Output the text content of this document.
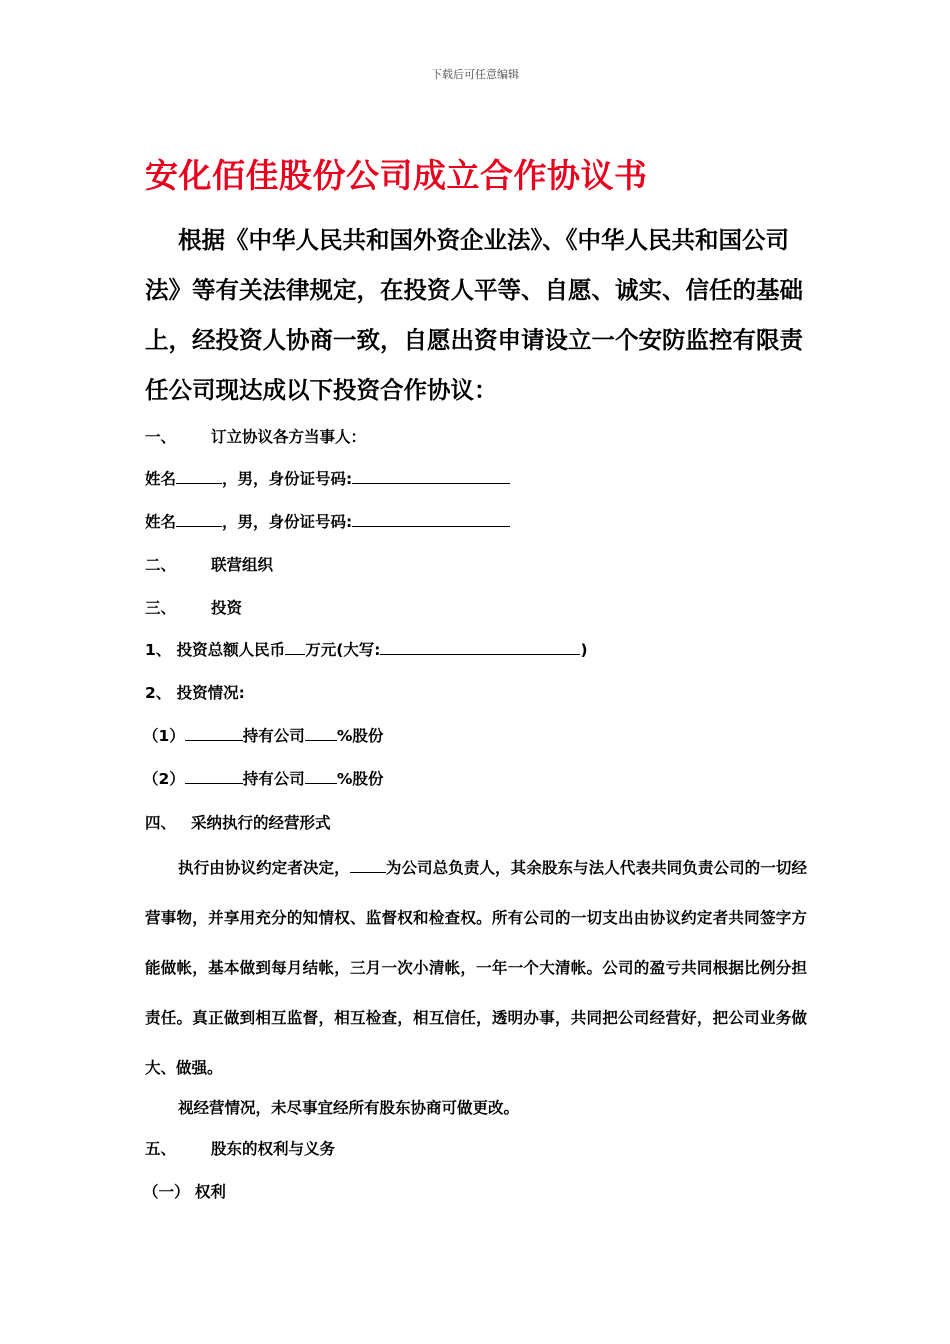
下载后可任意编辑
安化佰佳股份公司成立合作协议书

根据《中华人民共和国外资企业法》、《中华人民共和国公司法》等有关法律规定，在投资人平等、自愿、诚实、信任的基础上，经投资人协商一致，自愿出资申请设立一个安防监控有限责任公司现达成以下投资合作协议：

一、 订立协议各方当事人：
姓名	，男，身份证号码:
姓名	，男，身份证号码:
二、 联营组织
三、 投资
1、 投资总额人民币 万元(大写:	)
2、 投资情况:
（1）	持有公司 %股份
（2）	持有公司 %股份
四、 采纳执行的经营形式
执行由协议约定者决定， 为公司总负责人，其余股东与法人代表共同负责公司的一切经营事物，并享用充分的知情权、监督权和检查权。所有公司的一切支出由协议约定者共同签字方能做帐，基本做到每月结帐，三月一次小清帐，一年一个大清帐。公司的盈亏共同根据比例分担责任。真正做到相互监督，相互检查，相互信任，透明办事，共同把公司经营好，把公司业务做大、做强。
视经营情况，未尽事宜经所有股东协商可做更改。
五、 股东的权利与义务
（一） 权利
